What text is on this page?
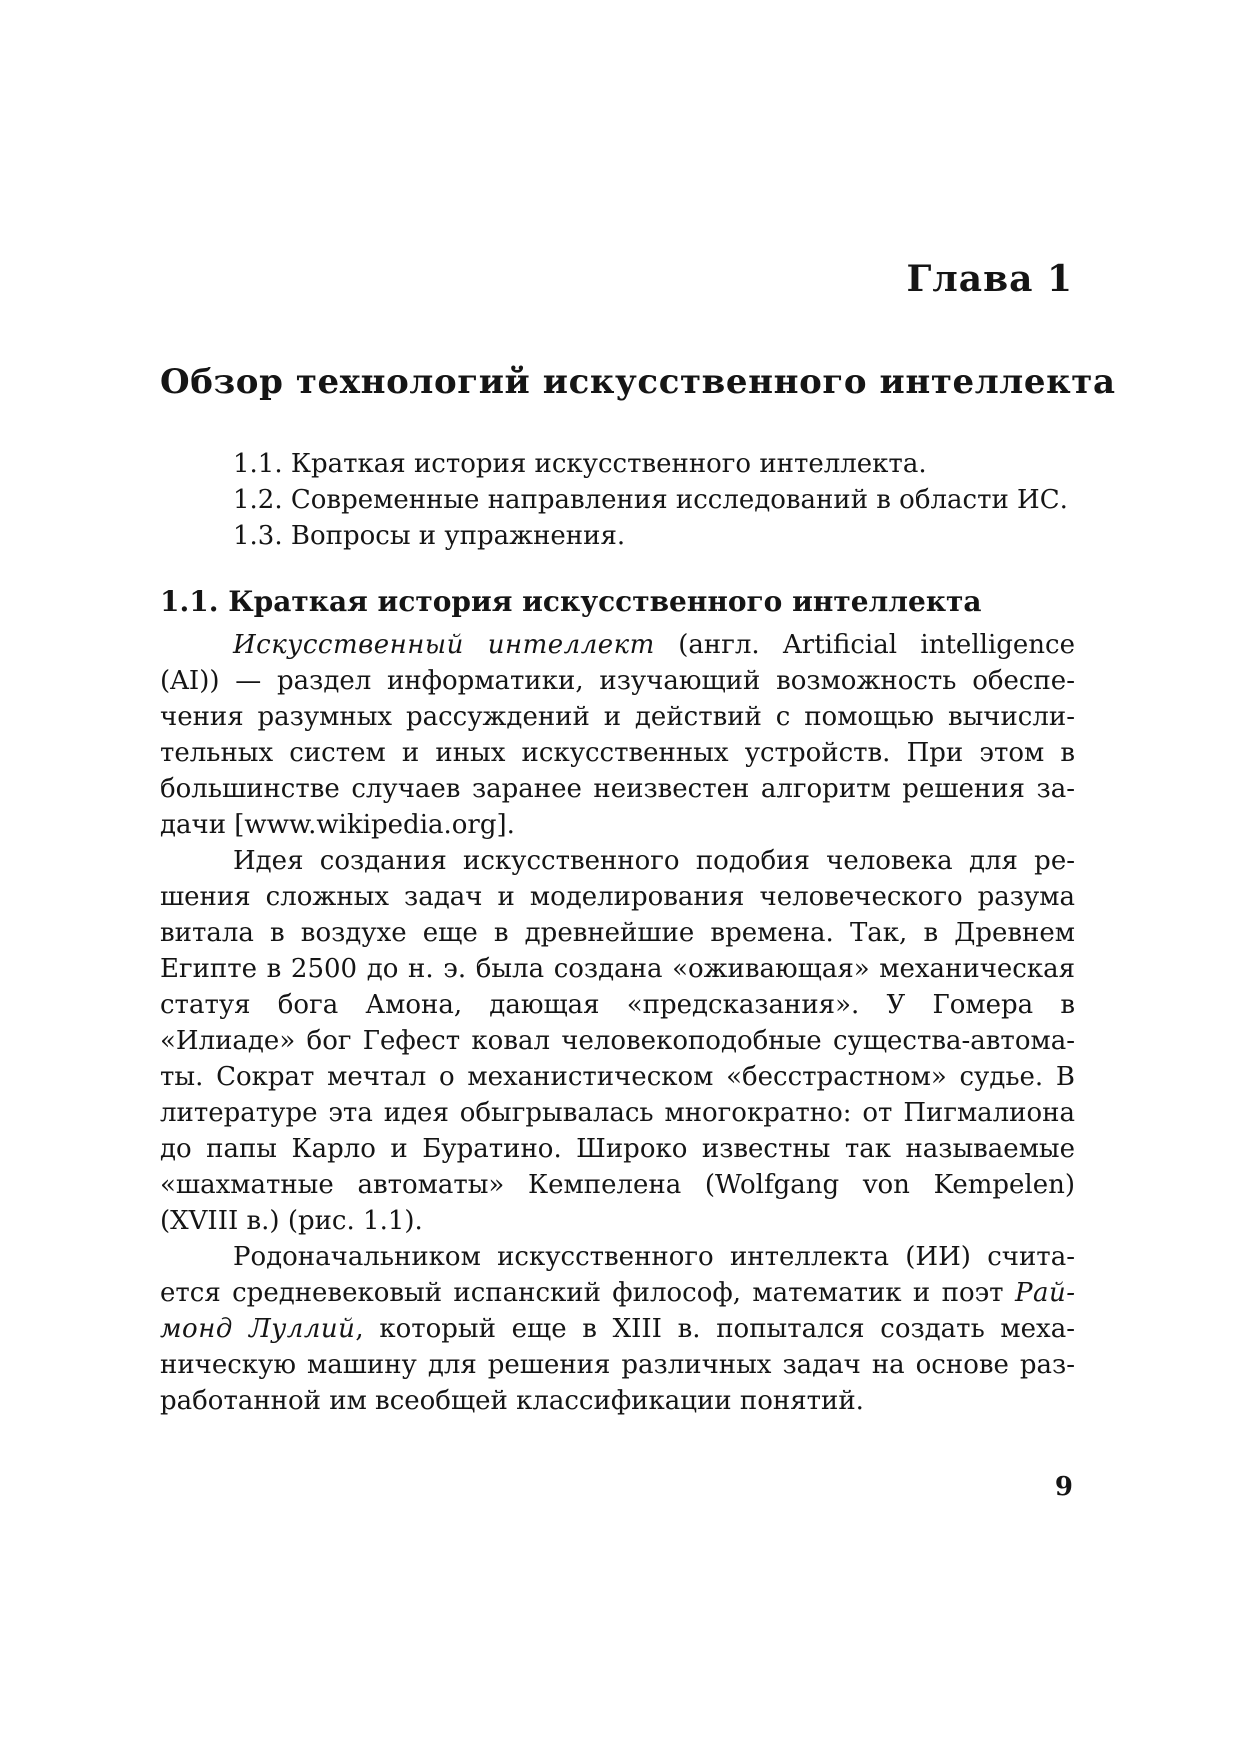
Глава 1
Обзор технологий искусственного интеллекта
1.1. Краткая история искусственного интеллекта.
1.2. Современные направления исследований в области ИС.
1.3. Вопросы и упражнения.
1.1. Краткая история искусственного интеллекта

Искусственный интеллект (англ. Artificial intelligence (AI)) — раздел информатики, изучающий возможность обеспечения разумных рассуждений и действий с помощью вычислительных систем и иных искусственных устройств. При этом в большинстве случаев заранее неизвестен алгоритм решения задачи [www.wikipedia.org].

Идея создания искусственного подобия человека для решения сложных задач и моделирования человеческого разума витала в воздухе еще в древнейшие времена. Так, в Древнем Египте в 2500 до н. э. была создана «оживающая» механическая статуя бога Амона, дающая «предсказания». У Гомера в «Илиаде» бог Гефест ковал человекоподобные существа-автоматы. Сократ мечтал о механистическом «бесстрастном» судье. В литературе эта идея обыгрывалась многократно: от Пигмалиона до папы Карло и Буратино. Широко известны так называемые «шахматные автоматы» Кемпелена (Wolfgang von Kempelen) (XVIII в.) (рис. 1.1).

Родоначальником искусственного интеллекта (ИИ) считается средневековый испанский философ, математик и поэт Раймонд Луллий, который еще в XIII в. попытался создать механическую машину для решения различных задач на основе разработанной им всеобщей классификации понятий.

9
